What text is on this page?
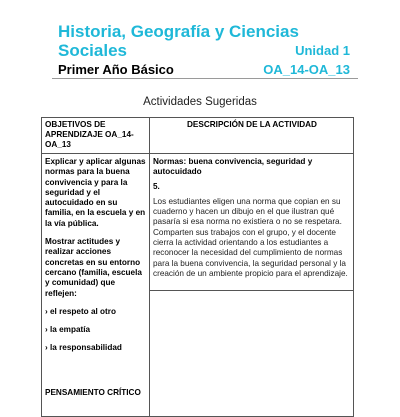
Historia, Geografía y Ciencias
Sociales	Unidad 1
Primer Año Básico	OA_14-OA_13
Actividades Sugeridas
OBJETIVOS DE APRENDIZAJE OA_14-OA_13
DESCRIPCIÓN DE LA ACTIVIDAD

Explicar y aplicar algunas normas para la buena convivencia y para la seguridad y el autocuidado en su familia, en la escuela y en la vía pública.

Mostrar actitudes y realizar acciones concretas en su entorno cercano (familia, escuela y comunidad) que reflejen:

› el respeto al otro

› la empatía

› la responsabilidad

Normas: buena convivencia, seguridad y autocuidado

5.

Los estudiantes eligen una norma que copian en su cuaderno y hacen un dibujo en el que ilustran qué pasaría si esa norma no existiera o no se respetara. Comparten sus trabajos con el grupo, y el docente cierra la actividad orientando a los estudiantes a reconocer la necesidad del cumplimiento de normas para la buena convivencia, la seguridad personal y la creación de un ambiente propicio para el aprendizaje.

PENSAMIENTO CRÍTICO
